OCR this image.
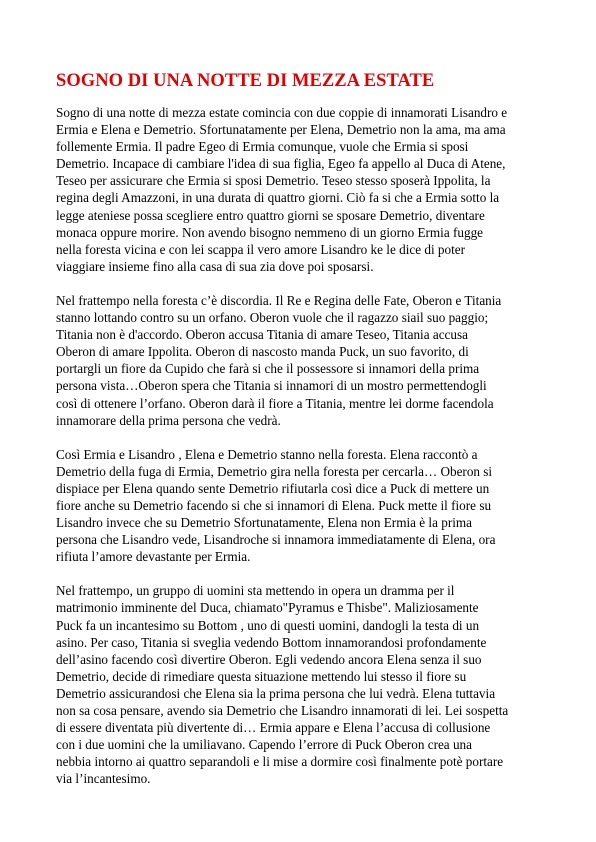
SOGNO DI UNA NOTTE DI MEZZA ESTATE

Sogno di una notte di mezza estate comincia con due coppie di innamorati Lisandro e
Ermia e Elena e Demetrio. Sfortunatamente per Elena, Demetrio non la ama, ma ama
follemente Ermia. Il padre Egeo di Ermia comunque, vuole che Ermia si sposi
Demetrio. Incapace di cambiare l'idea di sua figlia, Egeo fa appello al Duca di Atene,
Teseo per assicurare che Ermia si sposi Demetrio. Teseo stesso sposerà Ippolita, la
regina degli Amazzoni, in una durata di quattro giorni. Ciò fa si che a Ermia sotto la
legge ateniese possa scegliere entro quattro giorni se sposare Demetrio, diventare
monaca oppure morire. Non avendo bisogno nemmeno di un giorno Ermia fugge
nella foresta vicina e con lei scappa il vero amore Lisandro ke le dice di poter
viaggiare insieme fino alla casa di sua zia dove poi sposarsi.

Nel frattempo nella foresta c’è discordia. Il Re e Regina delle Fate, Oberon e Titania
stanno lottando contro su un orfano. Oberon vuole che il ragazzo siail suo paggio;
Titania non è d'accordo. Oberon accusa Titania di amare Teseo, Titania accusa
Oberon di amare Ippolita. Oberon di nascosto manda Puck, un suo favorito, di
portargli un fiore da Cupido che farà si che il possessore si innamori della prima
persona vista…Oberon spera che Titania si innamori di un mostro permettendogli
così di ottenere l’orfano. Oberon darà il fiore a Titania, mentre lei dorme facendola
innamorare della prima persona che vedrà.

Così Ermia e Lisandro , Elena e Demetrio stanno nella foresta. Elena raccontò a
Demetrio della fuga di Ermia, Demetrio gira nella foresta per cercarla… Oberon si
dispiace per Elena quando sente Demetrio rifiutarla così dice a Puck di mettere un
fiore anche su Demetrio facendo si che si innamori di Elena. Puck mette il fiore su
Lisandro invece che su Demetrio Sfortunatamente, Elena non Ermia è la prima
persona che Lisandro vede, Lisandroche si innamora immediatamente di Elena, ora
rifiuta l’amore devastante per Ermia.

Nel frattempo, un gruppo di uomini sta mettendo in opera un dramma per il
matrimonio imminente del Duca, chiamato"Pyramus e Thisbe". Maliziosamente
Puck fa un incantesimo su Bottom , uno di questi uomini, dandogli la testa di un
asino. Per caso, Titania si sveglia vedendo Bottom innamorandosi profondamente
dell’asino facendo così divertire Oberon. Egli vedendo ancora Elena senza il suo
Demetrio, decide di rimediare questa situazione mettendo lui stesso il fiore su
Demetrio assicurandosi che Elena sia la prima persona che lui vedrà. Elena tuttavia
non sa cosa pensare, avendo sia Demetrio che Lisandro innamorati di lei. Lei sospetta
di essere diventata più divertente di… Ermia appare e Elena l’accusa di collusione
con i due uomini che la umiliavano. Capendo l’errore di Puck Oberon crea una
nebbia intorno ai quattro separandoli e li mise a dormire così finalmente potè portare
via l’incantesimo.
